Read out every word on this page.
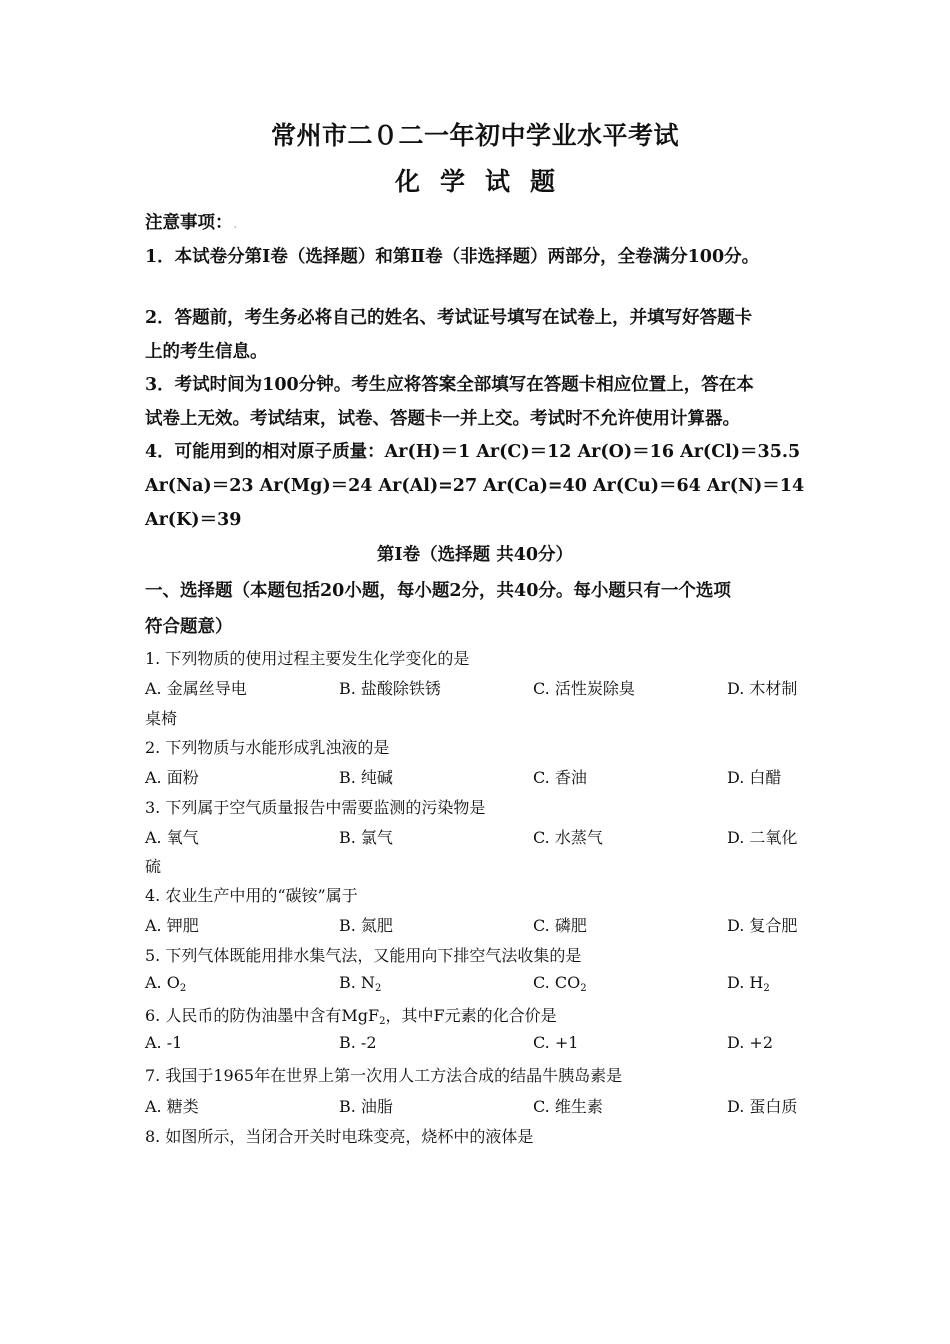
常州市二０二一年初中学业水平考试
化学试题
注意事项：.
1．本试卷分第Ⅰ卷（选择题）和第Ⅱ卷（非选择题）两部分，全卷满分100分。
2．答题前，考生务必将自己的姓名、考试证号填写在试卷上，并填写好答题卡
上的考生信息。
3．考试时间为100分钟。考生应将答案全部填写在答题卡相应位置上，答在本
试卷上无效。考试结束，试卷、答题卡一并上交。考试时不允许使用计算器。
4．可能用到的相对原子质量：Ar(H)＝1 Ar(C)＝12 Ar(O)＝16 Ar(Cl)＝35.5
Ar(Na)＝23 Ar(Mg)＝24 Ar(Al)=27 Ar(Ca)=40 Ar(Cu)＝64 Ar(N)＝14
Ar(K)＝39
第Ⅰ卷（选择题 共40分）
一、选择题（本题包括20小题，每小题2分，共40分。每小题只有一个选项
符合题意）
1. 下列物质的使用过程主要发生化学变化的是
A. 金属丝导电	B. 盐酸除铁锈	C. 活性炭除臭	D. 木材制
桌椅
2. 下列物质与水能形成乳浊液的是
A. 面粉	B. 纯碱	C. 香油	D. 白醋
3. 下列属于空气质量报告中需要监测的污染物是
A. 氧气	B. 氯气	C. 水蒸气	D. 二氧化
硫
4. 农业生产中用的“碳铵”属于
A. 钾肥	B. 氮肥	C. 磷肥	D. 复合肥
5. 下列气体既能用排水集气法，又能用向下排空气法收集的是
A. $O_2$	B. $N_2$	C. $CO_2$	D. $H_2$
6. 人民币的防伪油墨中含有MgF$_2$，其中F元素的化合价是
A. -1	B. -2	C. +1	D. +2
7. 我国于1965年在世界上第一次用人工方法合成的结晶牛胰岛素是
A. 糖类	B. 油脂	C. 维生素	D. 蛋白质
8. 如图所示，当闭合开关时电珠变亮，烧杯中的液体是
